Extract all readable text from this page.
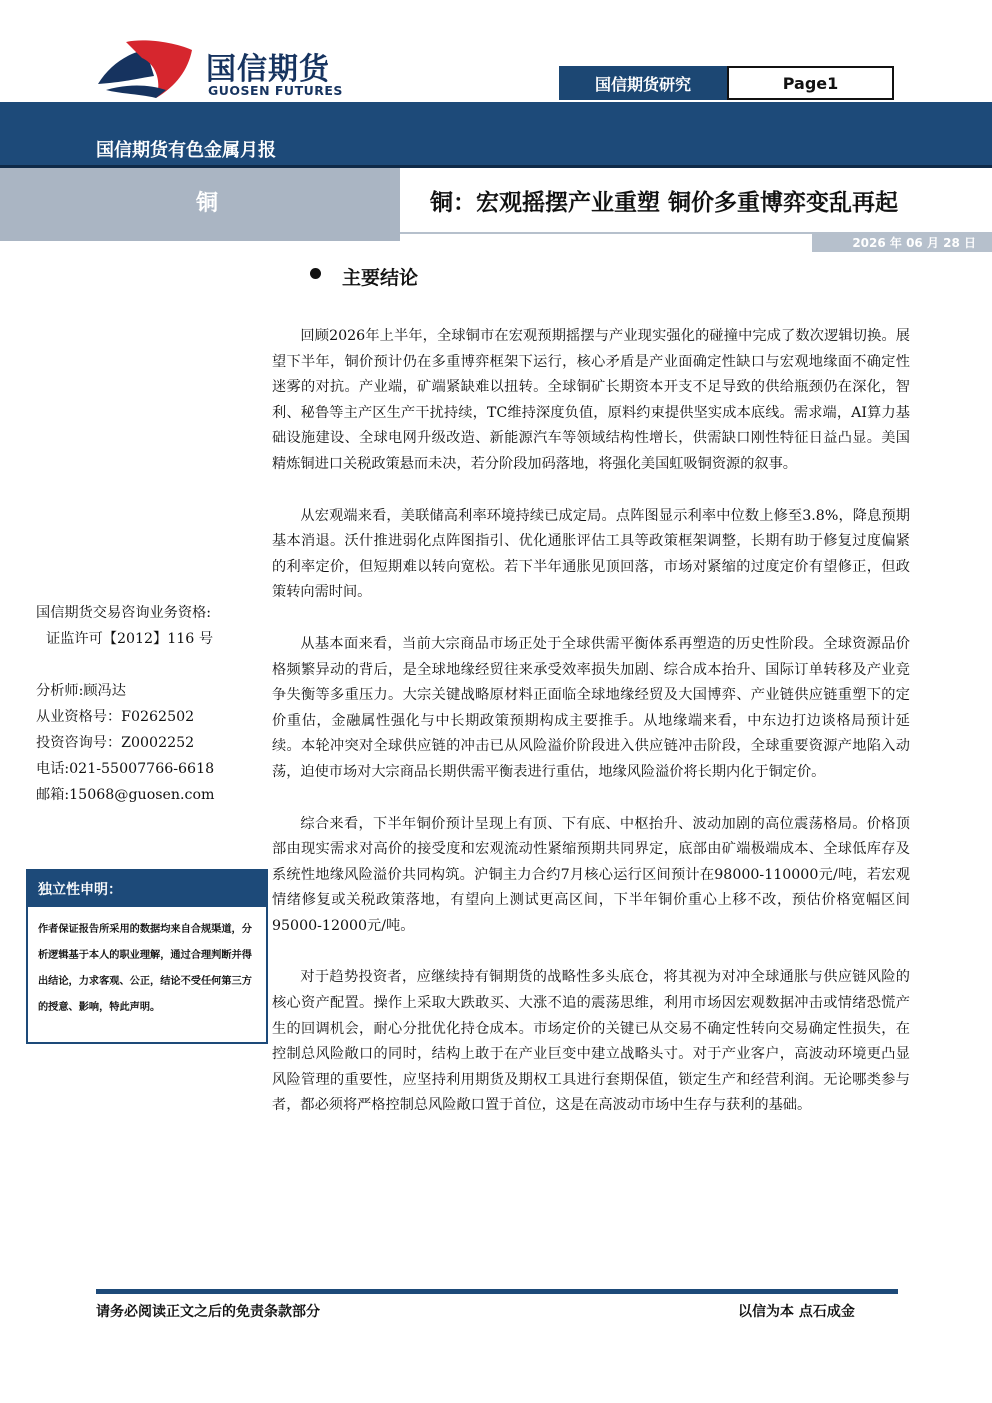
国信期货
GUOSEN FUTURES	国信期货研究	Page1
国信期货有色金属月报
铜	铜：宏观摇摆产业重塑 铜价多重博弈变乱再起
2026 年 06 月 28 日
主要结论

回顾2026年上半年，全球铜市在宏观预期摇摆与产业现实强化的碰撞中完成了数次逻辑切换。展望下半年，铜价预计仍在多重博弈框架下运行，核心矛盾是产业面确定性缺口与宏观地缘面不确定性迷雾的对抗。产业端，矿端紧缺难以扭转。全球铜矿长期资本开支不足导致的供给瓶颈仍在深化，智利、秘鲁等主产区生产干扰持续，TC维持深度负值，原料约束提供坚实成本底线。需求端，AI算力基础设施建设、全球电网升级改造、新能源汽车等领域结构性增长，供需缺口刚性特征日益凸显。美国精炼铜进口关税政策悬而未决，若分阶段加码落地，将强化美国虹吸铜资源的叙事。

从宏观端来看，美联储高利率环境持续已成定局。点阵图显示利率中位数上修至3.8%，降息预期基本消退。沃什推进弱化点阵图指引、优化通胀评估工具等政策框架调整，长期有助于修复过度偏紧的利率定价，但短期难以转向宽松。若下半年通胀见顶回落，市场对紧缩的过度定价有望修正，但政策转向需时间。

从基本面来看，当前大宗商品市场正处于全球供需平衡体系再塑造的历史性阶段。全球资源品价格频繁异动的背后，是全球地缘经贸往来承受效率损失加剧、综合成本抬升、国际订单转移及产业竞争失衡等多重压力。大宗关键战略原材料正面临全球地缘经贸及大国博弈、产业链供应链重塑下的定价重估，金融属性强化与中长期政策预期构成主要推手。从地缘端来看，中东边打边谈格局预计延续。本轮冲突对全球供应链的冲击已从风险溢价阶段进入供应链冲击阶段，全球重要资源产地陷入动荡，迫使市场对大宗商品长期供需平衡表进行重估，地缘风险溢价将长期内化于铜定价。

综合来看，下半年铜价预计呈现上有顶、下有底、中枢抬升、波动加剧的高位震荡格局。价格顶部由现实需求对高价的接受度和宏观流动性紧缩预期共同界定，底部由矿端极端成本、全球低库存及系统性地缘风险溢价共同构筑。沪铜主力合约7月核心运行区间预计在98000-110000元/吨，若宏观情绪修复或关税政策落地，有望向上测试更高区间，下半年铜价重心上移不改，预估价格宽幅区间95000-12000元/吨。

对于趋势投资者，应继续持有铜期货的战略性多头底仓，将其视为对冲全球通胀与供应链风险的核心资产配置。操作上采取大跌敢买、大涨不追的震荡思维，利用市场因宏观数据冲击或情绪恐慌产生的回调机会，耐心分批优化持仓成本。市场定价的关键已从交易不确定性转向交易确定性损失，在控制总风险敞口的同时，结构上敢于在产业巨变中建立战略头寸。对于产业客户，高波动环境更凸显风险管理的重要性，应坚持利用期货及期权工具进行套期保值，锁定生产和经营利润。无论哪类参与者，都必须将严格控制总风险敞口置于首位，这是在高波动市场中生存与获利的基础。

国信期货交易咨询业务资格:
证监许可【2012】116 号
分析师:顾冯达
从业资格号：F0262502
投资咨询号：Z0002252
电话:021-55007766-6618
邮箱:15068@guosen.com
独立性申明：
作者保证报告所采用的数据均来自合规渠道，分析逻辑基于本人的职业理解，通过合理判断并得出结论，力求客观、公正，结论不受任何第三方的授意、影响，特此声明。
请务必阅读正文之后的免责条款部分	以信为本 点石成金
